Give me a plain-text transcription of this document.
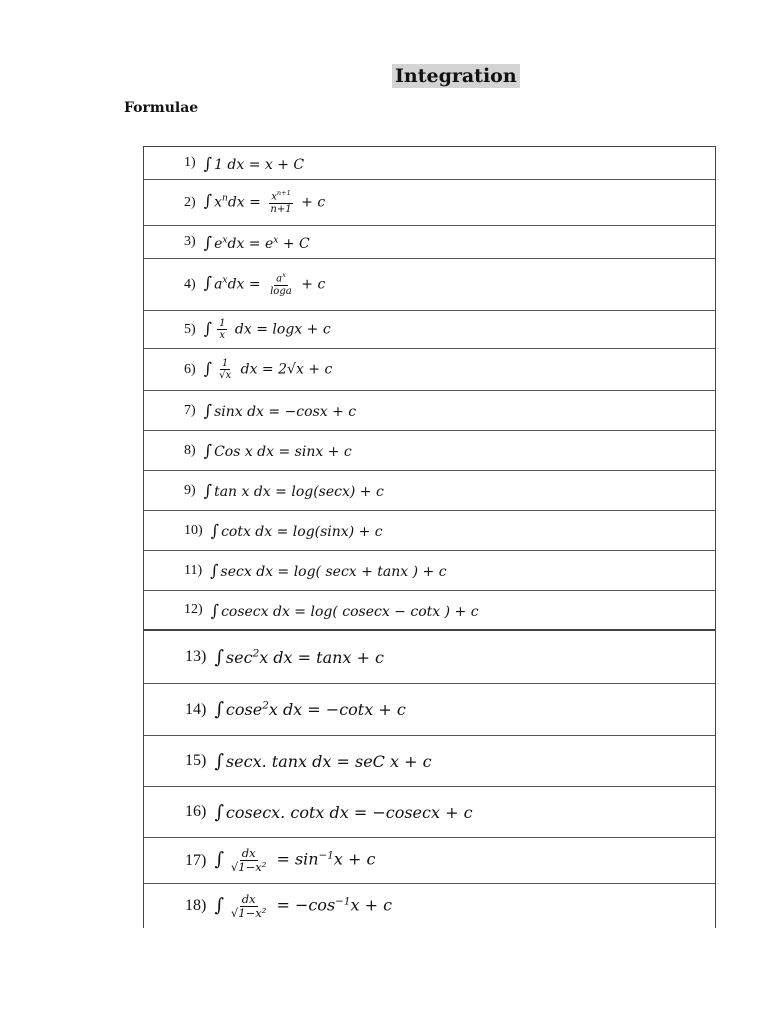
Integration
Formulae
1) ∫ 1 dx = x + C
2) ∫ $x^ndx = \frac{x^{n+1}}{n+1} + c$
3) ∫ $e^xdx = e^x + C$
4) ∫ $a^xdx = \frac{a^x}{\log a} + c$
5) ∫ $\frac{1}{x}$ dx = logx + c
6) ∫ $\frac{1}{√x}$ dx = 2√x + c
7) ∫ sinx dx = −cosx + c
8) ∫ Cos x dx = sinx + c
9) ∫ tan x dx = log(secx) + c
10) ∫ cotx dx = log(sinx) + c
11) ∫ secx dx = log( secx + tanx ) + c
12) ∫ cosecx dx = log( cosecx − cotx ) + c
13) ∫ $\sec^2x$ dx = tanx + c
14) ∫ cose$^2$x dx = −cotx + c
15) ∫ secx. tanx dx = seC x + c
16) ∫ cosecx. cotx dx = −cosecx + c
17) ∫ $\frac{dx}{\text{√1−x²}} = \sin^{-1}x + c$
18) ∫ $\frac{dx}{\text{√1−x²}} = -\cos^{-1}x + c$
